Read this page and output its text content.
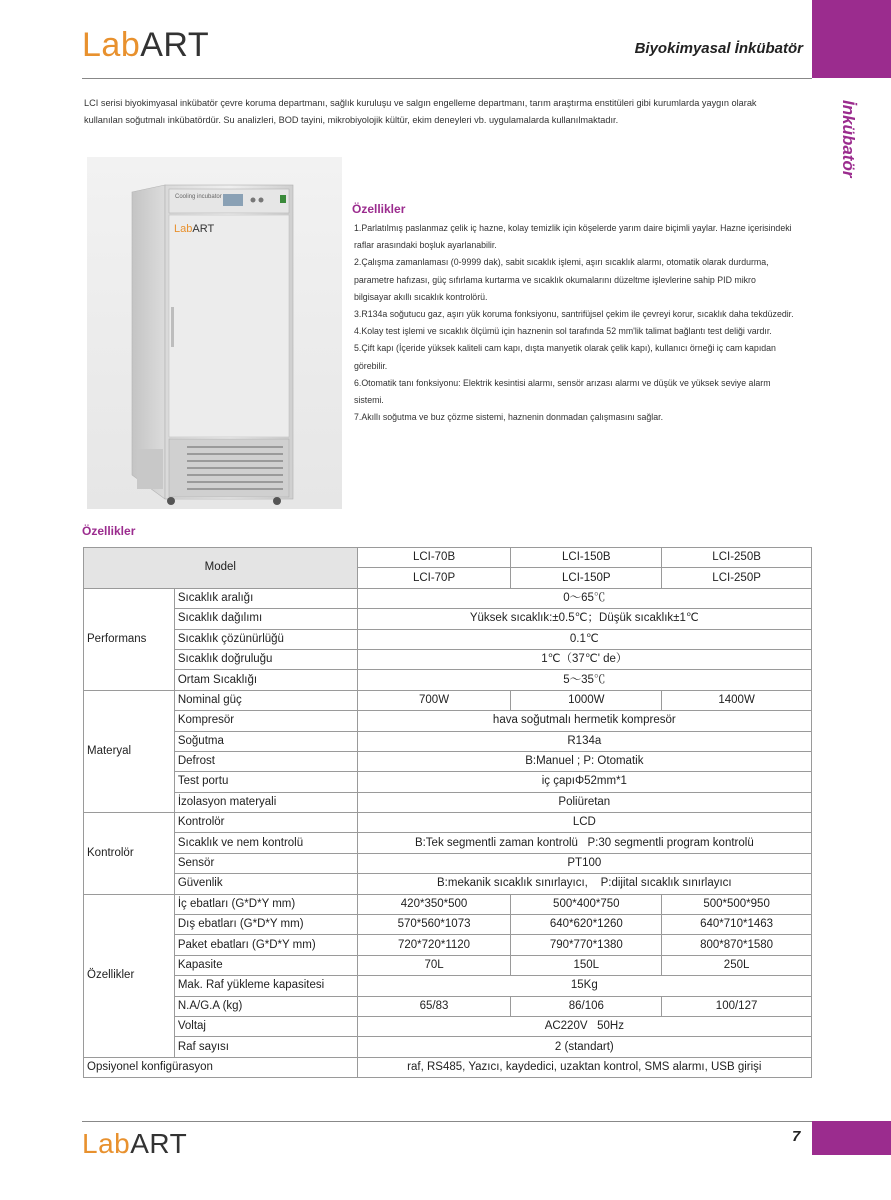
LabART	Biyokimyasal İnkübatör
İnkübatör
LCI serisi biyokimyasal inkübatör çevre koruma departmanı, sağlık kuruluşu ve salgın engelleme departmanı, tarım araştırma enstitüleri gibi kurumlarda yaygın olarak kullanılan soğutmalı inkübatördür. Su analizleri, BOD tayini, mikrobiyolojik kültür, ekim deneyleri vb. uygulamalarda kullanılmaktadır.
Cooling incubator
LabART
Özellikler
1.Parlatılmış paslanmaz çelik iç hazne, kolay temizlik için köşelerde yarım daire biçimli yaylar. Hazne içerisindeki raflar arasındaki boşluk ayarlanabilir.
2.Çalışma zamanlaması (0-9999 dak), sabit sıcaklık işlemi, aşırı sıcaklık alarmı, otomatik olarak durdurma, parametre hafızası, güç sıfırlama kurtarma ve sıcaklık okumalarını düzeltme işlevlerine sahip PID mikro bilgisayar akıllı sıcaklık kontrolörü.
3.R134a soğutucu gaz, aşırı yük koruma fonksiyonu, santrifüjsel çekim ile çevreyi korur, sıcaklık daha tekdüzedir.
4.Kolay test işlemi ve sıcaklık ölçümü için haznenin sol tarafında 52 mm'lik talimat bağlantı test deliği vardır.
5.Çift kapı (İçeride yüksek kaliteli cam kapı, dışta manyetik olarak çelik kapı), kullanıcı örneği iç cam kapıdan görebilir.
6.Otomatik tanı fonksiyonu: Elektrik kesintisi alarmı, sensör arızası alarmı ve düşük ve yüksek seviye alarm sistemi.
7.Akıllı soğutma ve buz çözme sistemi, haznenin donmadan çalışmasını sağlar.
Özellikler
Model		LCI-70B	LCI-150B	LCI-250B
		LCI-70P	LCI-150P	LCI-250P
Performans	Sıcaklık aralığı	0～65℃		
	Sıcaklık dağılımı	Yüksek sıcaklık:±0.5℃；Düşük sıcaklık±1℃		
	Sıcaklık çözünürlüğü	0.1℃		
	Sıcaklık doğruluğu	1℃（37℃' de）		
	Ortam Sıcaklığı	5～35℃		
Materyal	Nominal güç	700W	1000W	1400W
	Kompresör	hava soğutmalı hermetik kompresör		
	Soğutma	R134a		
	Defrost	B:Manuel ; P: Otomatik		
	Test portu	iç çapıΦ52mm*1		
	İzolasyon materyali	Poliüretan		
Kontrolör	Kontrolör	LCD		
	Sıcaklık ve nem kontrolü	B:Tek segmentli zaman kontrolü   P:30 segmentli program kontrolü		
	Sensör	PT100		
	Güvenlik	B:mekanik sıcaklık sınırlayıcı,    P:dijital sıcaklık sınırlayıcı		
Özellikler	İç ebatları (G*D*Y mm)	420*350*500	500*400*750	500*500*950
	Dış ebatları (G*D*Y mm)	570*560*1073	640*620*1260	640*710*1463
	Paket ebatları (G*D*Y mm)	720*720*1120	790*770*1380	800*870*1580
	Kapasite	70L	150L	250L
	Mak. Raf yükleme kapasitesi	15Kg		
	N.A/G.A (kg)	65/83	86/106	100/127
	Voltaj	AC220V   50Hz		
	Raf sayısı	2 (standart)		
Opsiyonel konfigürasyon		raf, RS485, Yazıcı, kaydedici, uzaktan kontrol, SMS alarmı, USB girişi		
LabART	7
